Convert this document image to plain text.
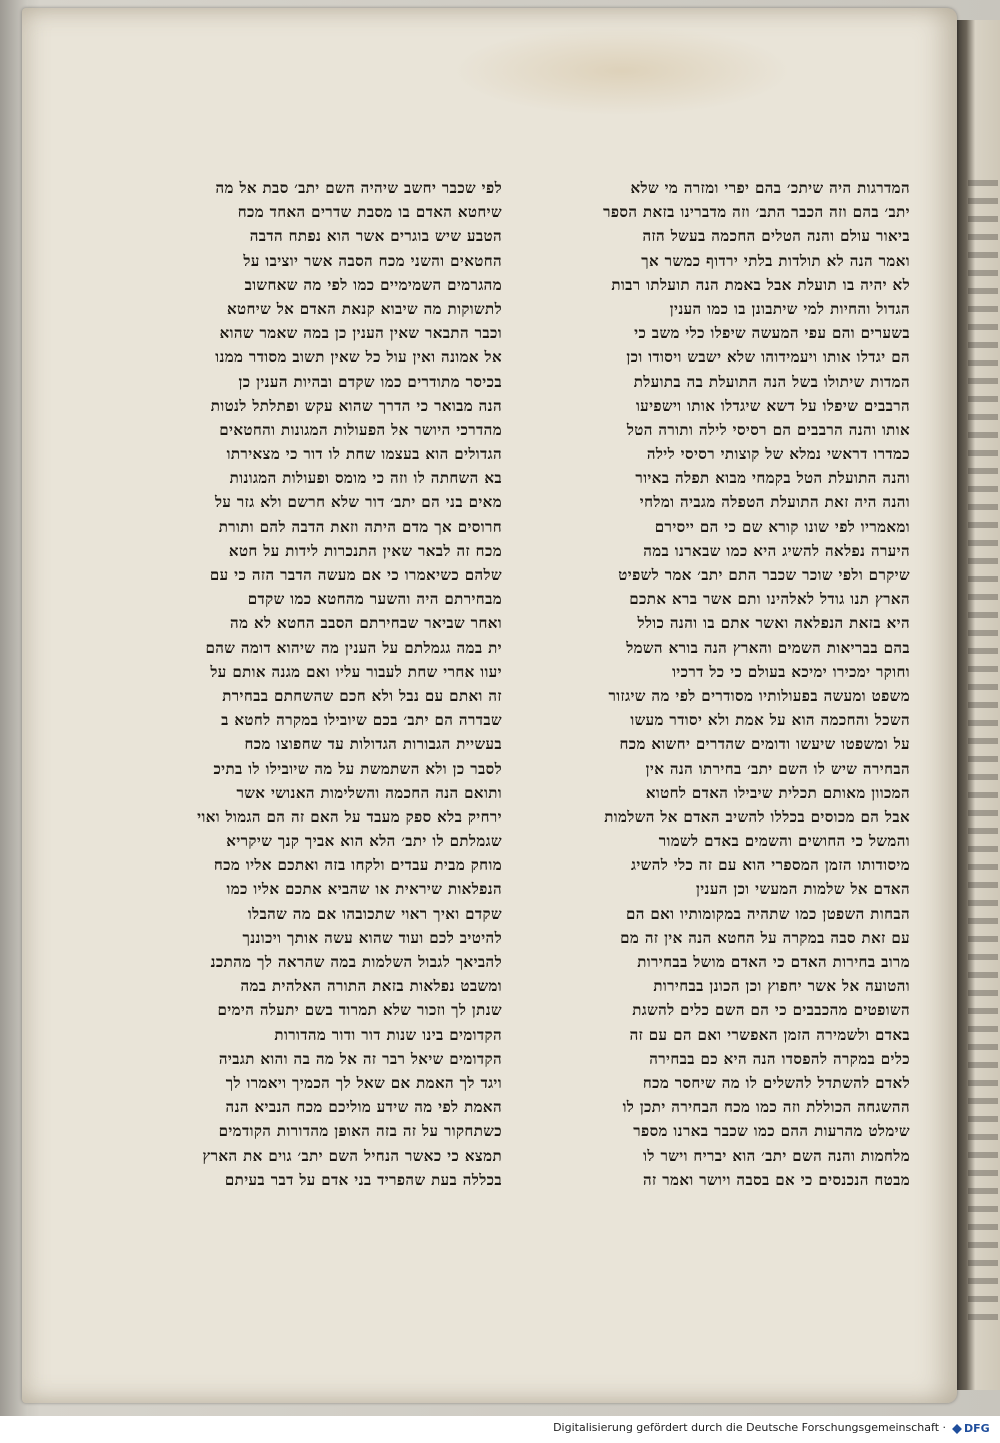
המדרגות היה שיתכ׳ בהם יפרי ומזרה מי שלא
יתב׳ בהם וזה הכבר התב׳ וזה מדברינו בזאת הספר
ביאור עולם והנה הטלים החכמה בעשל הזה
ואמר הנה לא תולדות בלתי ירדוף כמשר אך
לא יהיה בו תועלת אבל באמת הנה תועלתו רבות
הגדול והחיות למי שיתבונן בו כמו הענין
בשערים והם עפי המעשה שיפלו כלי משב כי
הם יגדלו אותו ויעמידוהו שלא ישבש ויסודו וכן
המדות שיתולו בשל הנה התועלת בה בתועלת
הרבבים שיפלו על דשא שיגדלו אותו וישפיעו
אותו והנה הרבבים הם רסיסי לילה ותורה הטל
כמדרו דראשי נמלא של קוצותי רסיסי לילה
והנה התועלת הטל בקמחי מבוא תפלה באיור
והנה היה זאת התועלת הטפלה מגביה ומלחי
ומאמריו לפי שונו קורא שם כי הם ייסירם
היערה נפלאה להשיג היא כמו שבארנו במה
שיקרם ולפי שוכר שכבר התם יתב׳ אמר לשפיט
הארץ תנו גודל לאלהינו ותם אשר ברא אתכם
היא בזאת הנפלאה ואשר אתם בו והנה כולל
בהם בבריאות השמים והארץ הנה בורא השמל
וחוקר ימכירו ימיכא בעולם כי כל דרכיו
משפט ומעשה בפעולותיו מסודרים לפי מה שיגזור
השכל והחכמה הוא על אמת ולא יסודר מעשו
על ומשפטו שיעשו ודומים שהדרים יחשוא מכח
הבחירה שיש לו השם יתב׳ בחירתו הנה אין
המכוון מאותם תכלית שיבילו האדם לחטוא
אבל הם מכוסים בכללו להשיב האדם אל השלמות
והמשל כי החושים והשמים באדם לשמור
מיסודותו הזמן המספרי הוא עם זה כלי להשיג
האדם אל שלמות המעשי וכן הענין
הבחות השפטן כמו שתהיה במקומותיו ואם הם
עם זאת סבה במקרה על החטא הנה אין זה מם
מרוב בחירות האדם כי האדם מושל בבחירות
והטועה אל אשר יחפוץ וכן הכונן בבחירות
השופטים מהכבבים כי הם השם כלים להשגת
באדם ולשמירה הזמן האפשרי ואם הם עם זה
כלים במקרה להפסדו הנה היא כם בבחירה
לאדם להשתדל להשלים לו מה שיחסר מכח
ההשגחה הכוללת וזה כמו מכח הבחירה יתכן לו
שימלט מהרעות ההם כמו שכבר בארנו מספר
מלחמות והנה השם יתב׳ הוא יבריח וישר לו
מבטח הנכנסים כי אם בסבה ויושר ואמר זה
לפי שכבר יחשב שיהיה השם יתב׳ סבת אל מה
שיחטא האדם בו מסבת שדרים האחד מכח
הטבע שיש בוגרים אשר הוא נפתח הדבה
החטאים והשני מכח הסבה אשר יוציבו על
מהגרמים השמימיים כמו לפי מה שאחשוב
לתשוקות מה שיבוא קנאת האדם אל שיחטא
וכבר התבאר שאין הענין כן במה שאמר שהוא
אל אמונה ואין עול כל שאין תשוב מסודר ממנו
בכיסר מתודרים כמו שקדם ובהיות הענין כן
הנה מבואר כי הדרך שהוא עקש ופתלתל לנטות
מהדרכי היושר אל הפעולות המגונות והחטאים
הגדולים הוא בעצמו שחת לו דור כי מצאירתו
בא השחתה לו וזה כי מומס ופעולות המגונות
מאים בני הם יתב׳ דור שלא חרשם ולא גזר על
חרוסים אך מדם היתה וזאת הדבה להם ותורת
מכח זה לבאר שאין התנכרות לידות על חטא
שלהם כשיאמרו כי אם מעשה הדבר הזה כי עם
מבחירתם היה והשער מהחטא כמו שקדם
ואחר שביאר שבחירתם הסבב החטא לא מה
ית במה גגמלתם על הענין מה שיהוא דומה שהם
יעוו אחרי שחת לעבור עליו ואם מגנה אותם על
זה ואתם עם נבל ולא חכם שהשחתם בבחירת
שבדרה הם יתב׳ בכם שיובילו במקרה לחטא ב
בעשיית הגבורות הגדולות עד שחפוצו מכח
לסבר כן ולא השתמשת על מה שיובילו לו בתיכ
ותואם הנה החכמה והשלימות האנושי אשר
ירחיק בלא ספק מעבד על האם זה הם הגמול ואוי
שגמלתם לו יתב׳ הלא הוא אביך קנך שיקריא
מוחק מבית עבדים ולקחו בזה ואתכם אליו מכח
הנפלאות שיראית או שהביא אתכם אליו כמו
שקדם ואיך ראוי שתכובהו אם מה שהבלו
להיטיב לכם ועוד שהוא עשה אותך ויכוננך
להביאך לגבול השלמות במה שהראה לך מהתכנ
ומשבט נפלאות בזאת התורה האלהית במה
שנתן לך וזכור שלא תמרוד בשם יתעלה הימים
הקדומים בינו שנות דור ודור מהדורות
הקדומים שיאל רבר זה אל מה בה והוא תגביה
ויגד לך האמת אם שאל לך הכמיך ויאמרו לך
האמת לפי מה שידע מוליכם מכח הנביא הנה
כשתחקור על זה בזה האופן מהדורות הקודמים
תמצא כי כאשר הנחיל השם יתב׳ גוים את הארץ
בכללה בעת שהפריד בני אדם על דבר בעיתם
Digitalisierung gefördert durch die Deutsche Forschungsgemeinschaft ·	DFG
